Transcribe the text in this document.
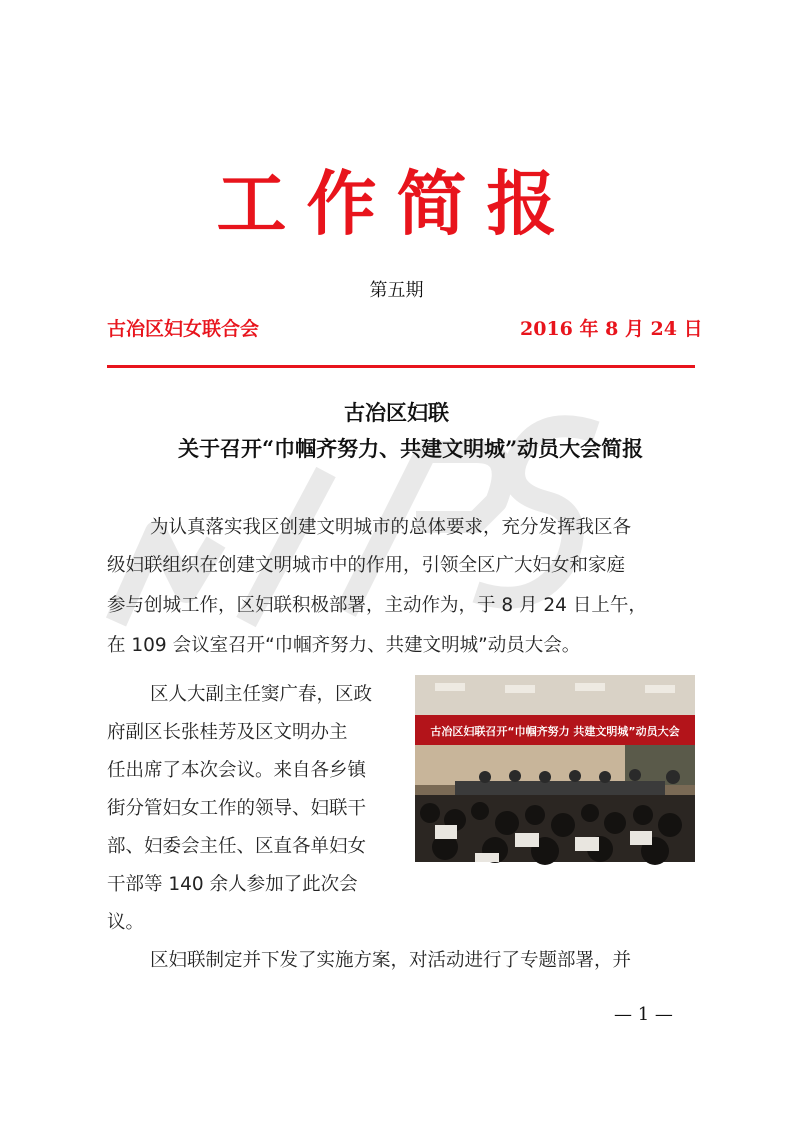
WPS
工作简报
第五期
古冶区妇女联合会	2016 年 8 月 24 日
古冶区妇联
关于召开“巾帼齐努力、共建文明城”动员大会简报
为认真落实我区创建文明城市的总体要求，充分发挥我区各
级妇联组织在创建文明城市中的作用，引领全区广大妇女和家庭
参与创城工作，区妇联积极部署，主动作为，于 8 月 24 日上午，
在 109 会议室召开“巾帼齐努力、共建文明城”动员大会。
区人大副主任窦广春，区政
府副区长张桂芳及区文明办主
任出席了本次会议。来自各乡镇
街分管妇女工作的领导、妇联干
部、妇委会主任、区直各单妇女
干部等 140 余人参加了此次会
议。
区妇联制定并下发了实施方案，对活动进行了专题部署，并
古冶区妇联召开“巾帼齐努力 共建文明城”动员大会
— 1 —
